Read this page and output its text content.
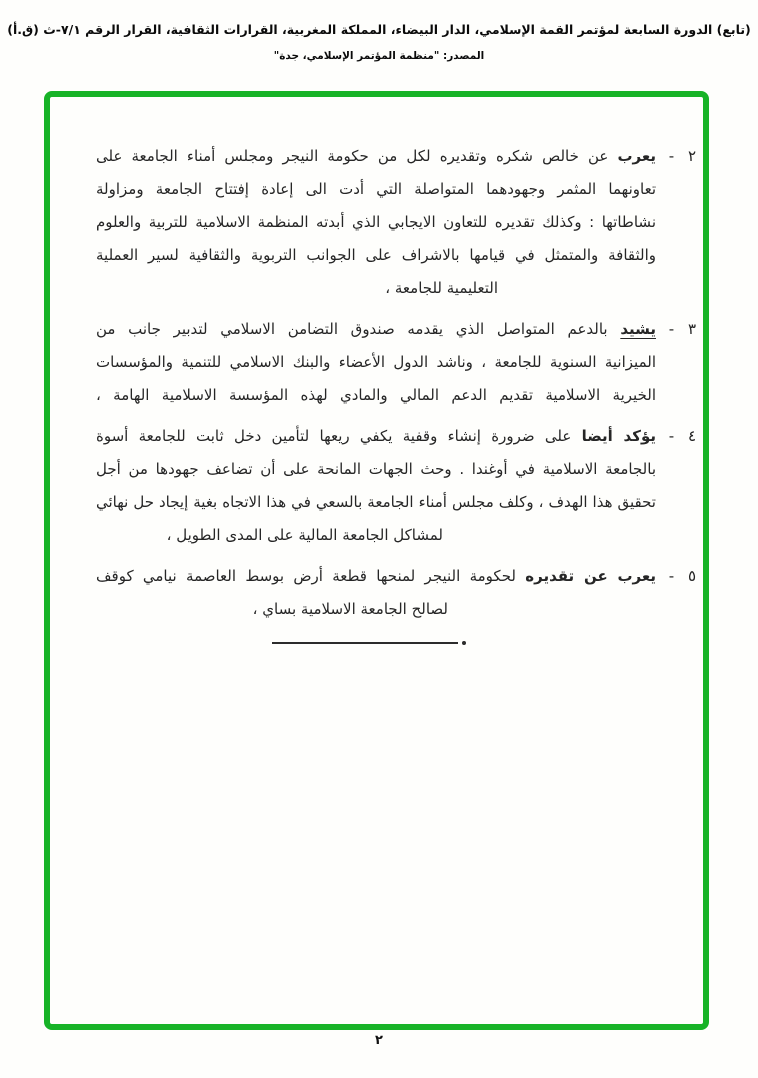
(تابع) الدورة السابعة لمؤتمر القمة الإسلامي، الدار البيضاء، المملكة المغربية، القرارات الثقافية، القرار الرقم ٧/١-ث (ق.أ)
المصدر: "منظمة المؤتمر الإسلامي، جدة"
٢ -
يعرب عن خالص شكره وتقديره لكل من حكومة النيجر ومجلس أمناء الجامعة على
تعاونهما المثمر وجهودهما المتواصلة التي أدت الى إعادة إفتتاح الجامعة ومزاولة
نشاطاتها : وكذلك تقديره للتعاون الايجابي الذي أبدته المنظمة الاسلامية للتربية والعلوم
والثقافة والمتمثل في قيامها بالاشراف على الجوانب التربوية والثقافية لسير العملية
التعليمية للجامعة ،
٣ -
يشيد بالدعم المتواصل الذي يقدمه صندوق التضامن الاسلامي لتدبير جانب من
الميزانية السنوية للجامعة ، وناشد الدول الأعضاء والبنك الاسلامي للتنمية والمؤسسات
الخيرية الاسلامية تقديم الدعم المالي والمادي لهذه المؤسسة الاسلامية الهامة ،
٤ -
يؤكد أيضا على ضرورة إنشاء وقفية يكفي ريعها لتأمين دخل ثابت للجامعة أسوة
بالجامعة الاسلامية في أوغندا . وحث الجهات المانحة على أن تضاعف جهودها من أجل
تحقيق هذا الهدف ، وكلف مجلس أمناء الجامعة بالسعي في هذا الاتجاه بغية إيجاد حل نهائي
لمشاكل الجامعة المالية على المدى الطويل ،
٥ -
يعرب عن تقديره لحكومة النيجر لمنحها قطعة أرض بوسط العاصمة نيامي كوقف
لصالح الجامعة الاسلامية بساي ،
٢
